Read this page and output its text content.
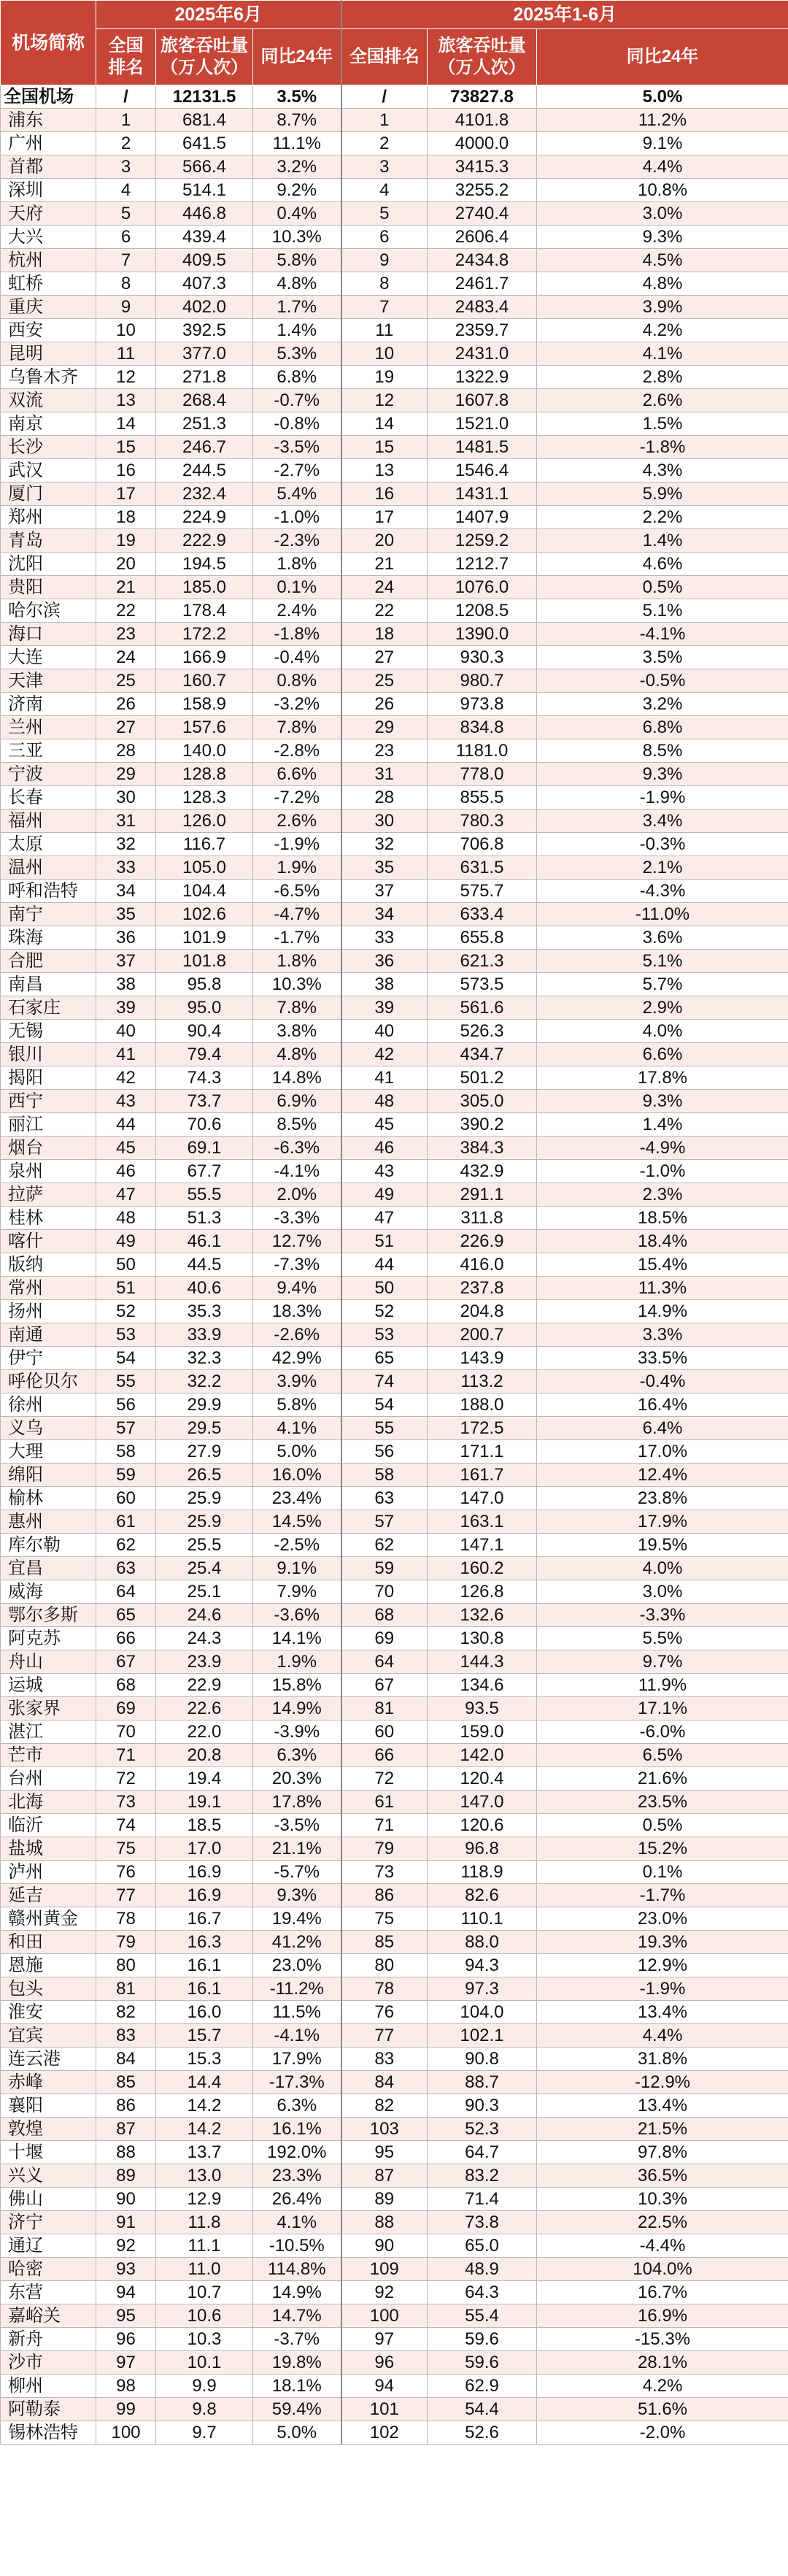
机场简称	2025年6月			2025年1-6月		
	全国排名	旅客吞吐量（万人次）	同比24年	全国排名	旅客吞吐量（万人次）	同比24年
全国机场	/	12131.5	3.5%	/	73827.8	5.0%
浦东	1	681.4	8.7%	1	4101.8	11.2%
广州	2	641.5	11.1%	2	4000.0	9.1%
首都	3	566.4	3.2%	3	3415.3	4.4%
深圳	4	514.1	9.2%	4	3255.2	10.8%
天府	5	446.8	0.4%	5	2740.4	3.0%
大兴	6	439.4	10.3%	6	2606.4	9.3%
杭州	7	409.5	5.8%	9	2434.8	4.5%
虹桥	8	407.3	4.8%	8	2461.7	4.8%
重庆	9	402.0	1.7%	7	2483.4	3.9%
西安	10	392.5	1.4%	11	2359.7	4.2%
昆明	11	377.0	5.3%	10	2431.0	4.1%
乌鲁木齐	12	271.8	6.8%	19	1322.9	2.8%
双流	13	268.4	-0.7%	12	1607.8	2.6%
南京	14	251.3	-0.8%	14	1521.0	1.5%
长沙	15	246.7	-3.5%	15	1481.5	-1.8%
武汉	16	244.5	-2.7%	13	1546.4	4.3%
厦门	17	232.4	5.4%	16	1431.1	5.9%
郑州	18	224.9	-1.0%	17	1407.9	2.2%
青岛	19	222.9	-2.3%	20	1259.2	1.4%
沈阳	20	194.5	1.8%	21	1212.7	4.6%
贵阳	21	185.0	0.1%	24	1076.0	0.5%
哈尔滨	22	178.4	2.4%	22	1208.5	5.1%
海口	23	172.2	-1.8%	18	1390.0	-4.1%
大连	24	166.9	-0.4%	27	930.3	3.5%
天津	25	160.7	0.8%	25	980.7	-0.5%
济南	26	158.9	-3.2%	26	973.8	3.2%
兰州	27	157.6	7.8%	29	834.8	6.8%
三亚	28	140.0	-2.8%	23	1181.0	8.5%
宁波	29	128.8	6.6%	31	778.0	9.3%
长春	30	128.3	-7.2%	28	855.5	-1.9%
福州	31	126.0	2.6%	30	780.3	3.4%
太原	32	116.7	-1.9%	32	706.8	-0.3%
温州	33	105.0	1.9%	35	631.5	2.1%
呼和浩特	34	104.4	-6.5%	37	575.7	-4.3%
南宁	35	102.6	-4.7%	34	633.4	-11.0%
珠海	36	101.9	-1.7%	33	655.8	3.6%
合肥	37	101.8	1.8%	36	621.3	5.1%
南昌	38	95.8	10.3%	38	573.5	5.7%
石家庄	39	95.0	7.8%	39	561.6	2.9%
无锡	40	90.4	3.8%	40	526.3	4.0%
银川	41	79.4	4.8%	42	434.7	6.6%
揭阳	42	74.3	14.8%	41	501.2	17.8%
西宁	43	73.7	6.9%	48	305.0	9.3%
丽江	44	70.6	8.5%	45	390.2	1.4%
烟台	45	69.1	-6.3%	46	384.3	-4.9%
泉州	46	67.7	-4.1%	43	432.9	-1.0%
拉萨	47	55.5	2.0%	49	291.1	2.3%
桂林	48	51.3	-3.3%	47	311.8	18.5%
喀什	49	46.1	12.7%	51	226.9	18.4%
版纳	50	44.5	-7.3%	44	416.0	15.4%
常州	51	40.6	9.4%	50	237.8	11.3%
扬州	52	35.3	18.3%	52	204.8	14.9%
南通	53	33.9	-2.6%	53	200.7	3.3%
伊宁	54	32.3	42.9%	65	143.9	33.5%
呼伦贝尔	55	32.2	3.9%	74	113.2	-0.4%
徐州	56	29.9	5.8%	54	188.0	16.4%
义乌	57	29.5	4.1%	55	172.5	6.4%
大理	58	27.9	5.0%	56	171.1	17.0%
绵阳	59	26.5	16.0%	58	161.7	12.4%
榆林	60	25.9	23.4%	63	147.0	23.8%
惠州	61	25.9	14.5%	57	163.1	17.9%
库尔勒	62	25.5	-2.5%	62	147.1	19.5%
宜昌	63	25.4	9.1%	59	160.2	4.0%
威海	64	25.1	7.9%	70	126.8	3.0%
鄂尔多斯	65	24.6	-3.6%	68	132.6	-3.3%
阿克苏	66	24.3	14.1%	69	130.8	5.5%
舟山	67	23.9	1.9%	64	144.3	9.7%
运城	68	22.9	15.8%	67	134.6	11.9%
张家界	69	22.6	14.9%	81	93.5	17.1%
湛江	70	22.0	-3.9%	60	159.0	-6.0%
芒市	71	20.8	6.3%	66	142.0	6.5%
台州	72	19.4	20.3%	72	120.4	21.6%
北海	73	19.1	17.8%	61	147.0	23.5%
临沂	74	18.5	-3.5%	71	120.6	0.5%
盐城	75	17.0	21.1%	79	96.8	15.2%
泸州	76	16.9	-5.7%	73	118.9	0.1%
延吉	77	16.9	9.3%	86	82.6	-1.7%
赣州黄金	78	16.7	19.4%	75	110.1	23.0%
和田	79	16.3	41.2%	85	88.0	19.3%
恩施	80	16.1	23.0%	80	94.3	12.9%
包头	81	16.1	-11.2%	78	97.3	-1.9%
淮安	82	16.0	11.5%	76	104.0	13.4%
宜宾	83	15.7	-4.1%	77	102.1	4.4%
连云港	84	15.3	17.9%	83	90.8	31.8%
赤峰	85	14.4	-17.3%	84	88.7	-12.9%
襄阳	86	14.2	6.3%	82	90.3	13.4%
敦煌	87	14.2	16.1%	103	52.3	21.5%
十堰	88	13.7	192.0%	95	64.7	97.8%
兴义	89	13.0	23.3%	87	83.2	36.5%
佛山	90	12.9	26.4%	89	71.4	10.3%
济宁	91	11.8	4.1%	88	73.8	22.5%
通辽	92	11.1	-10.5%	90	65.0	-4.4%
哈密	93	11.0	114.8%	109	48.9	104.0%
东营	94	10.7	14.9%	92	64.3	16.7%
嘉峪关	95	10.6	14.7%	100	55.4	16.9%
新舟	96	10.3	-3.7%	97	59.6	-15.3%
沙市	97	10.1	19.8%	96	59.6	28.1%
柳州	98	9.9	18.1%	94	62.9	4.2%
阿勒泰	99	9.8	59.4%	101	54.4	51.6%
锡林浩特	100	9.7	5.0%	102	52.6	-2.0%
